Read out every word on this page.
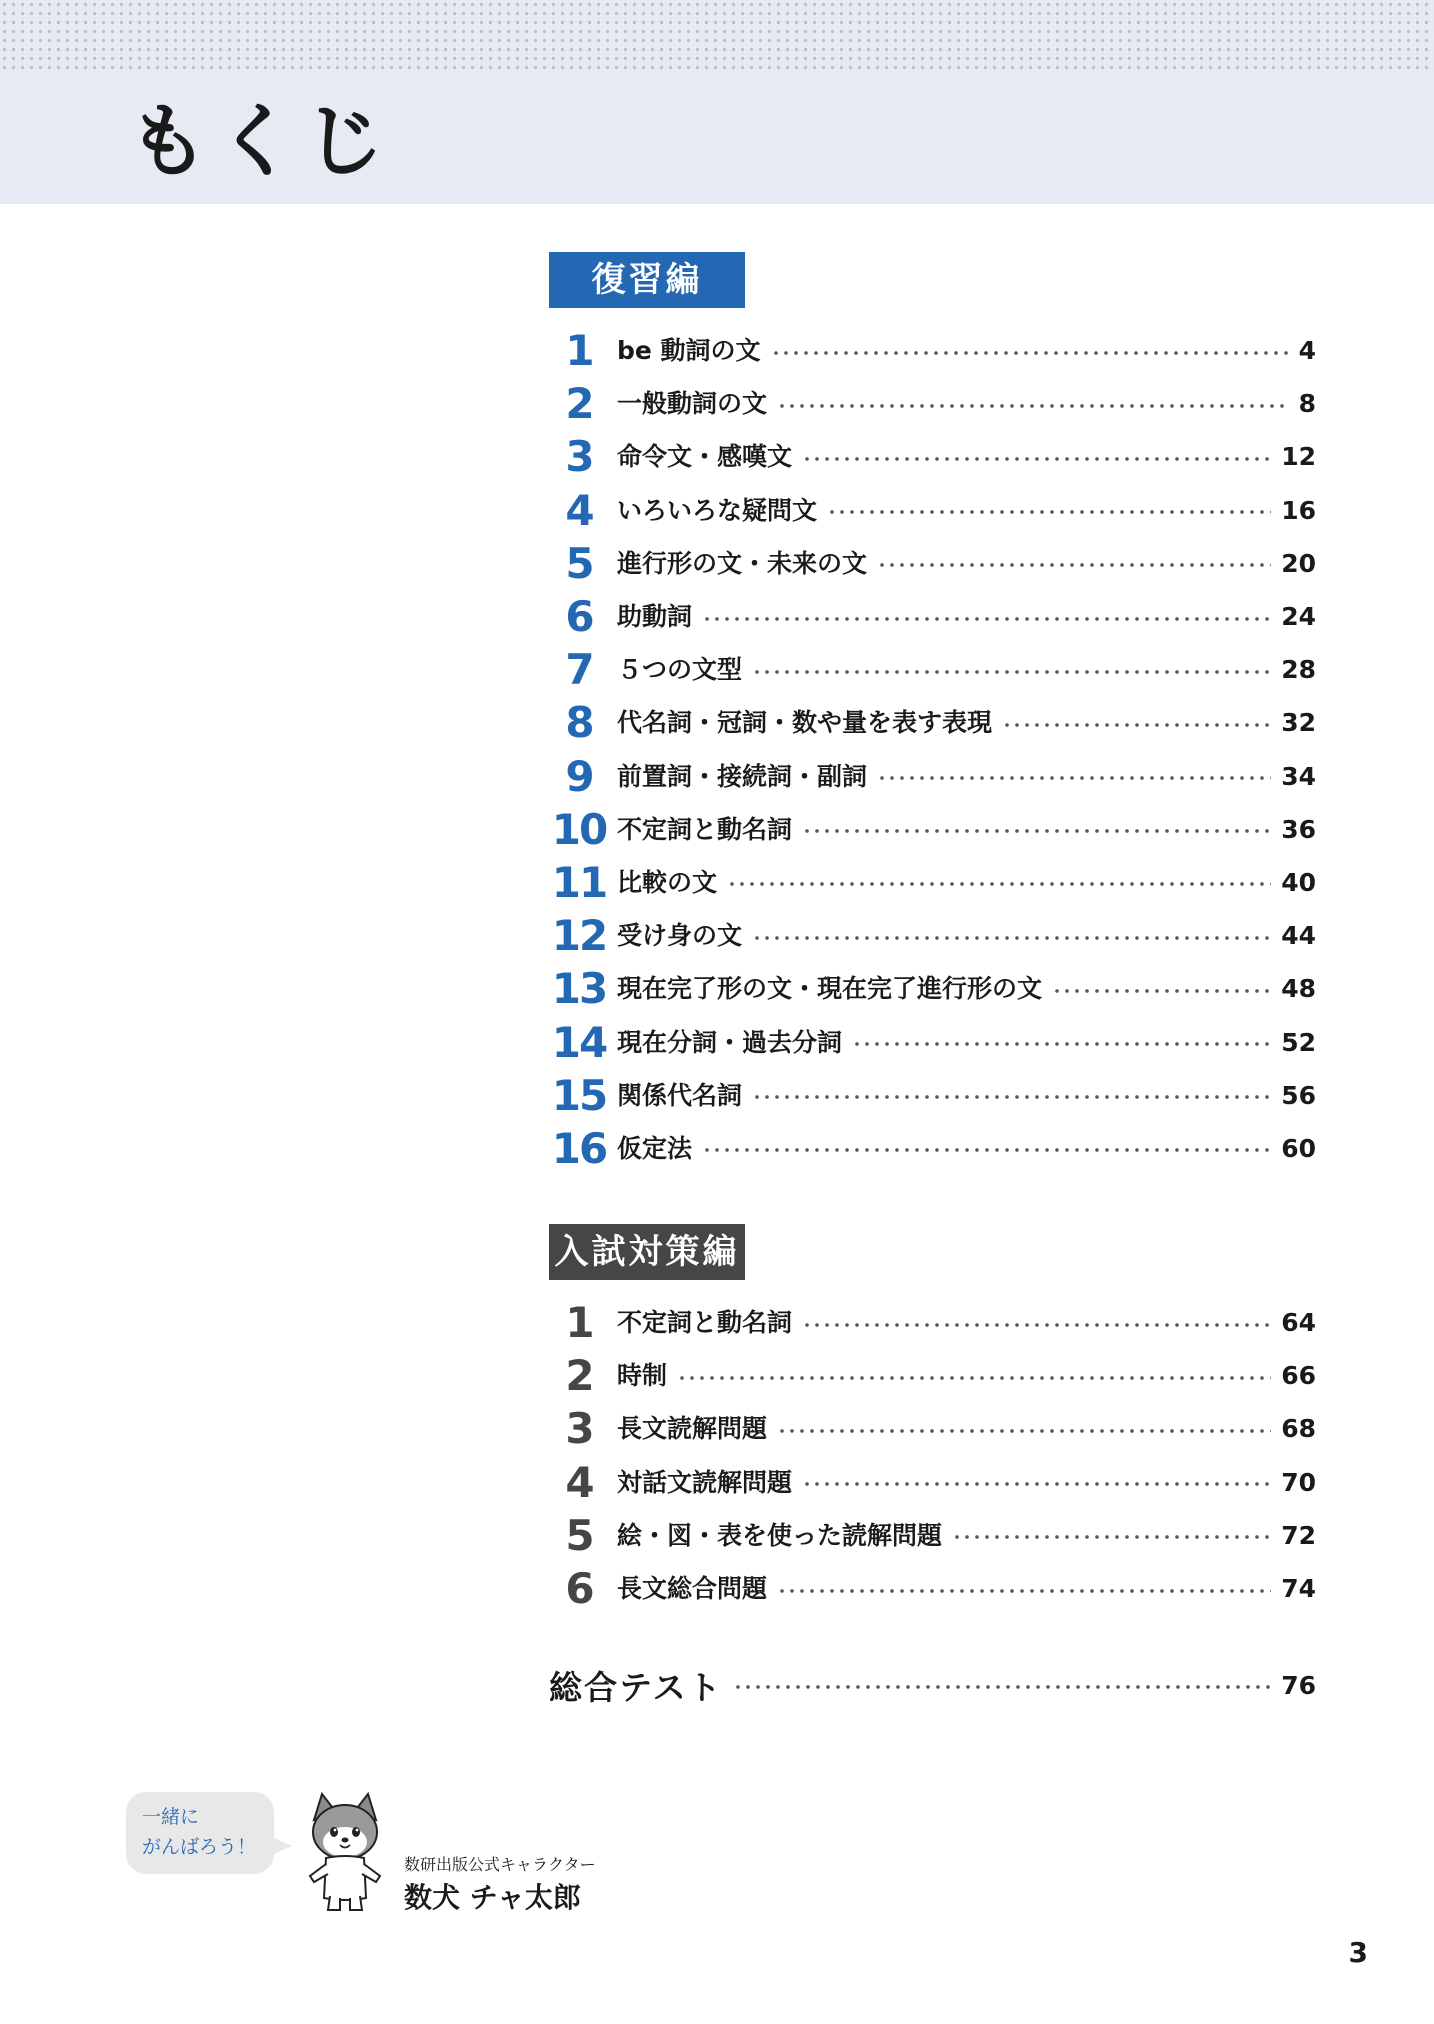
もくじ
復習編
1 be 動詞の文	4
2 一般動詞の文	8
3 命令文・感嘆文	12
4 いろいろな疑問文	16
5 進行形の文・未来の文	20
6 助動詞	24
7 ５つの文型	28
8 代名詞・冠詞・数や量を表す表現	32
9 前置詞・接続詞・副詞	34
10 不定詞と動名詞	36
11 比較の文	40
12 受け身の文	44
13 現在完了形の文・現在完了進行形の文	48
14 現在分詞・過去分詞	52
15 関係代名詞	56
16 仮定法	60
入試対策編
1 不定詞と動名詞	64
2 時制	66
3 長文読解問題	68
4 対話文読解問題	70
5 絵・図・表を使った読解問題	72
6 長文総合問題	74
総合テスト	76
一緒に
がんばろう！
数研出版公式キャラクター
数犬 チャ太郎
3
